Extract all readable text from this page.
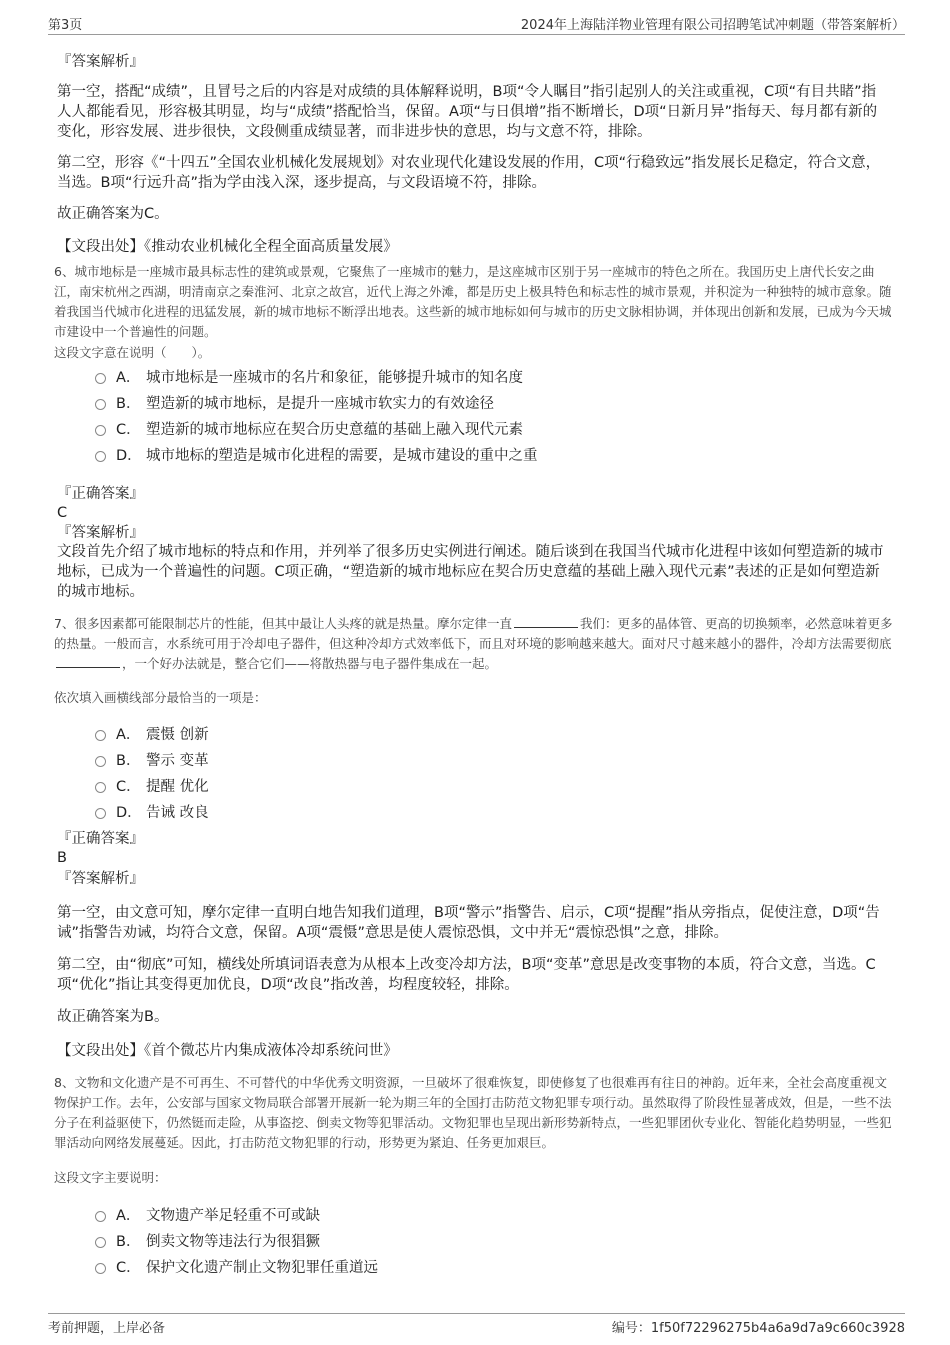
第3页	2024年上海陆洋物业管理有限公司招聘笔试冲刺题（带答案解析）
『答案解析』
第一空，搭配“成绩”，且冒号之后的内容是对成绩的具体解释说明，B项“令人瞩目”指引起别人的关注或重视，C项“有目共睹”指人人都能看见，形容极其明显，均与“成绩”搭配恰当，保留。A项“与日俱增”指不断增长，D项“日新月异”指每天、每月都有新的变化，形容发展、进步很快，文段侧重成绩显著，而非进步快的意思，均与文意不符，排除。
第二空，形容《“十四五”全国农业机械化发展规划》对农业现代化建设发展的作用，C项“行稳致远”指发展长足稳定，符合文意，当选。B项“行远升高”指为学由浅入深，逐步提高，与文段语境不符，排除。
故正确答案为C。
【文段出处】《推动农业机械化全程全面高质量发展》
6、城市地标是一座城市最具标志性的建筑或景观，它聚焦了一座城市的魅力，是这座城市区别于另一座城市的特色之所在。我国历史上唐代长安之曲江，南宋杭州之西湖，明清南京之秦淮河、北京之故宫，近代上海之外滩，都是历史上极具特色和标志性的城市景观，并积淀为一种独特的城市意象。随着我国当代城市化进程的迅猛发展，新的城市地标不断浮出地表。这些新的城市地标如何与城市的历史文脉相协调，并体现出创新和发展，已成为今天城市建设中一个普遍性的问题。
这段文字意在说明（　　）。
A． 城市地标是一座城市的名片和象征，能够提升城市的知名度
B． 塑造新的城市地标，是提升一座城市软实力的有效途径
C． 塑造新的城市地标应在契合历史意蕴的基础上融入现代元素
D． 城市地标的塑造是城市化进程的需要，是城市建设的重中之重
『正确答案』
C
『答案解析』
文段首先介绍了城市地标的特点和作用，并列举了很多历史实例进行阐述。随后谈到在我国当代城市化进程中该如何塑造新的城市地标，已成为一个普遍性的问题。C项正确，“塑造新的城市地标应在契合历史意蕴的基础上融入现代元素”表述的正是如何塑造新的城市地标。
7、很多因素都可能限制芯片的性能，但其中最让人头疼的就是热量。摩尔定律一直	我们：更多的晶体管、更高的切换频率，必然意味着更多的热量。一般而言，水系统可用于冷却电子器件，但这种冷却方式效率低下，而且对环境的影响越来越大。面对尺寸越来越小的器件，冷却方法需要彻底，一个好办法就是，整合它们——将散热器与电子器件集成在一起。
依次填入画横线部分最恰当的一项是：
A． 震慑 创新
B． 警示 变革
C． 提醒 优化
D． 告诫 改良
『正确答案』
B
『答案解析』
第一空，由文意可知，摩尔定律一直明白地告知我们道理，B项“警示”指警告、启示，C项“提醒”指从旁指点，促使注意，D项“告诫”指警告劝诫，均符合文意，保留。A项“震慑”意思是使人震惊恐惧，文中并无“震惊恐惧”之意，排除。
第二空，由“彻底”可知，横线处所填词语表意为从根本上改变冷却方法，B项“变革”意思是改变事物的本质，符合文意，当选。C项“优化”指让其变得更加优良，D项“改良”指改善，均程度较轻，排除。
故正确答案为B。
【文段出处】《首个微芯片内集成液体冷却系统问世》
8、文物和文化遗产是不可再生、不可替代的中华优秀文明资源，一旦破坏了很难恢复，即使修复了也很难再有往日的神韵。近年来，全社会高度重视文物保护工作。去年，公安部与国家文物局联合部署开展新一轮为期三年的全国打击防范文物犯罪专项行动。虽然取得了阶段性显著成效，但是，一些不法分子在利益驱使下，仍然铤而走险，从事盗挖、倒卖文物等犯罪活动。文物犯罪也呈现出新形势新特点，一些犯罪团伙专业化、智能化趋势明显，一些犯罪活动向网络发展蔓延。因此，打击防范文物犯罪的行动，形势更为紧迫、任务更加艰巨。
这段文字主要说明：
A． 文物遗产举足轻重不可或缺
B． 倒卖文物等违法行为很猖獗
C． 保护文化遗产制止文物犯罪任重道远
考前押题，上岸必备	编号：1f50f72296275b4a6a9d7a9c660c3928
